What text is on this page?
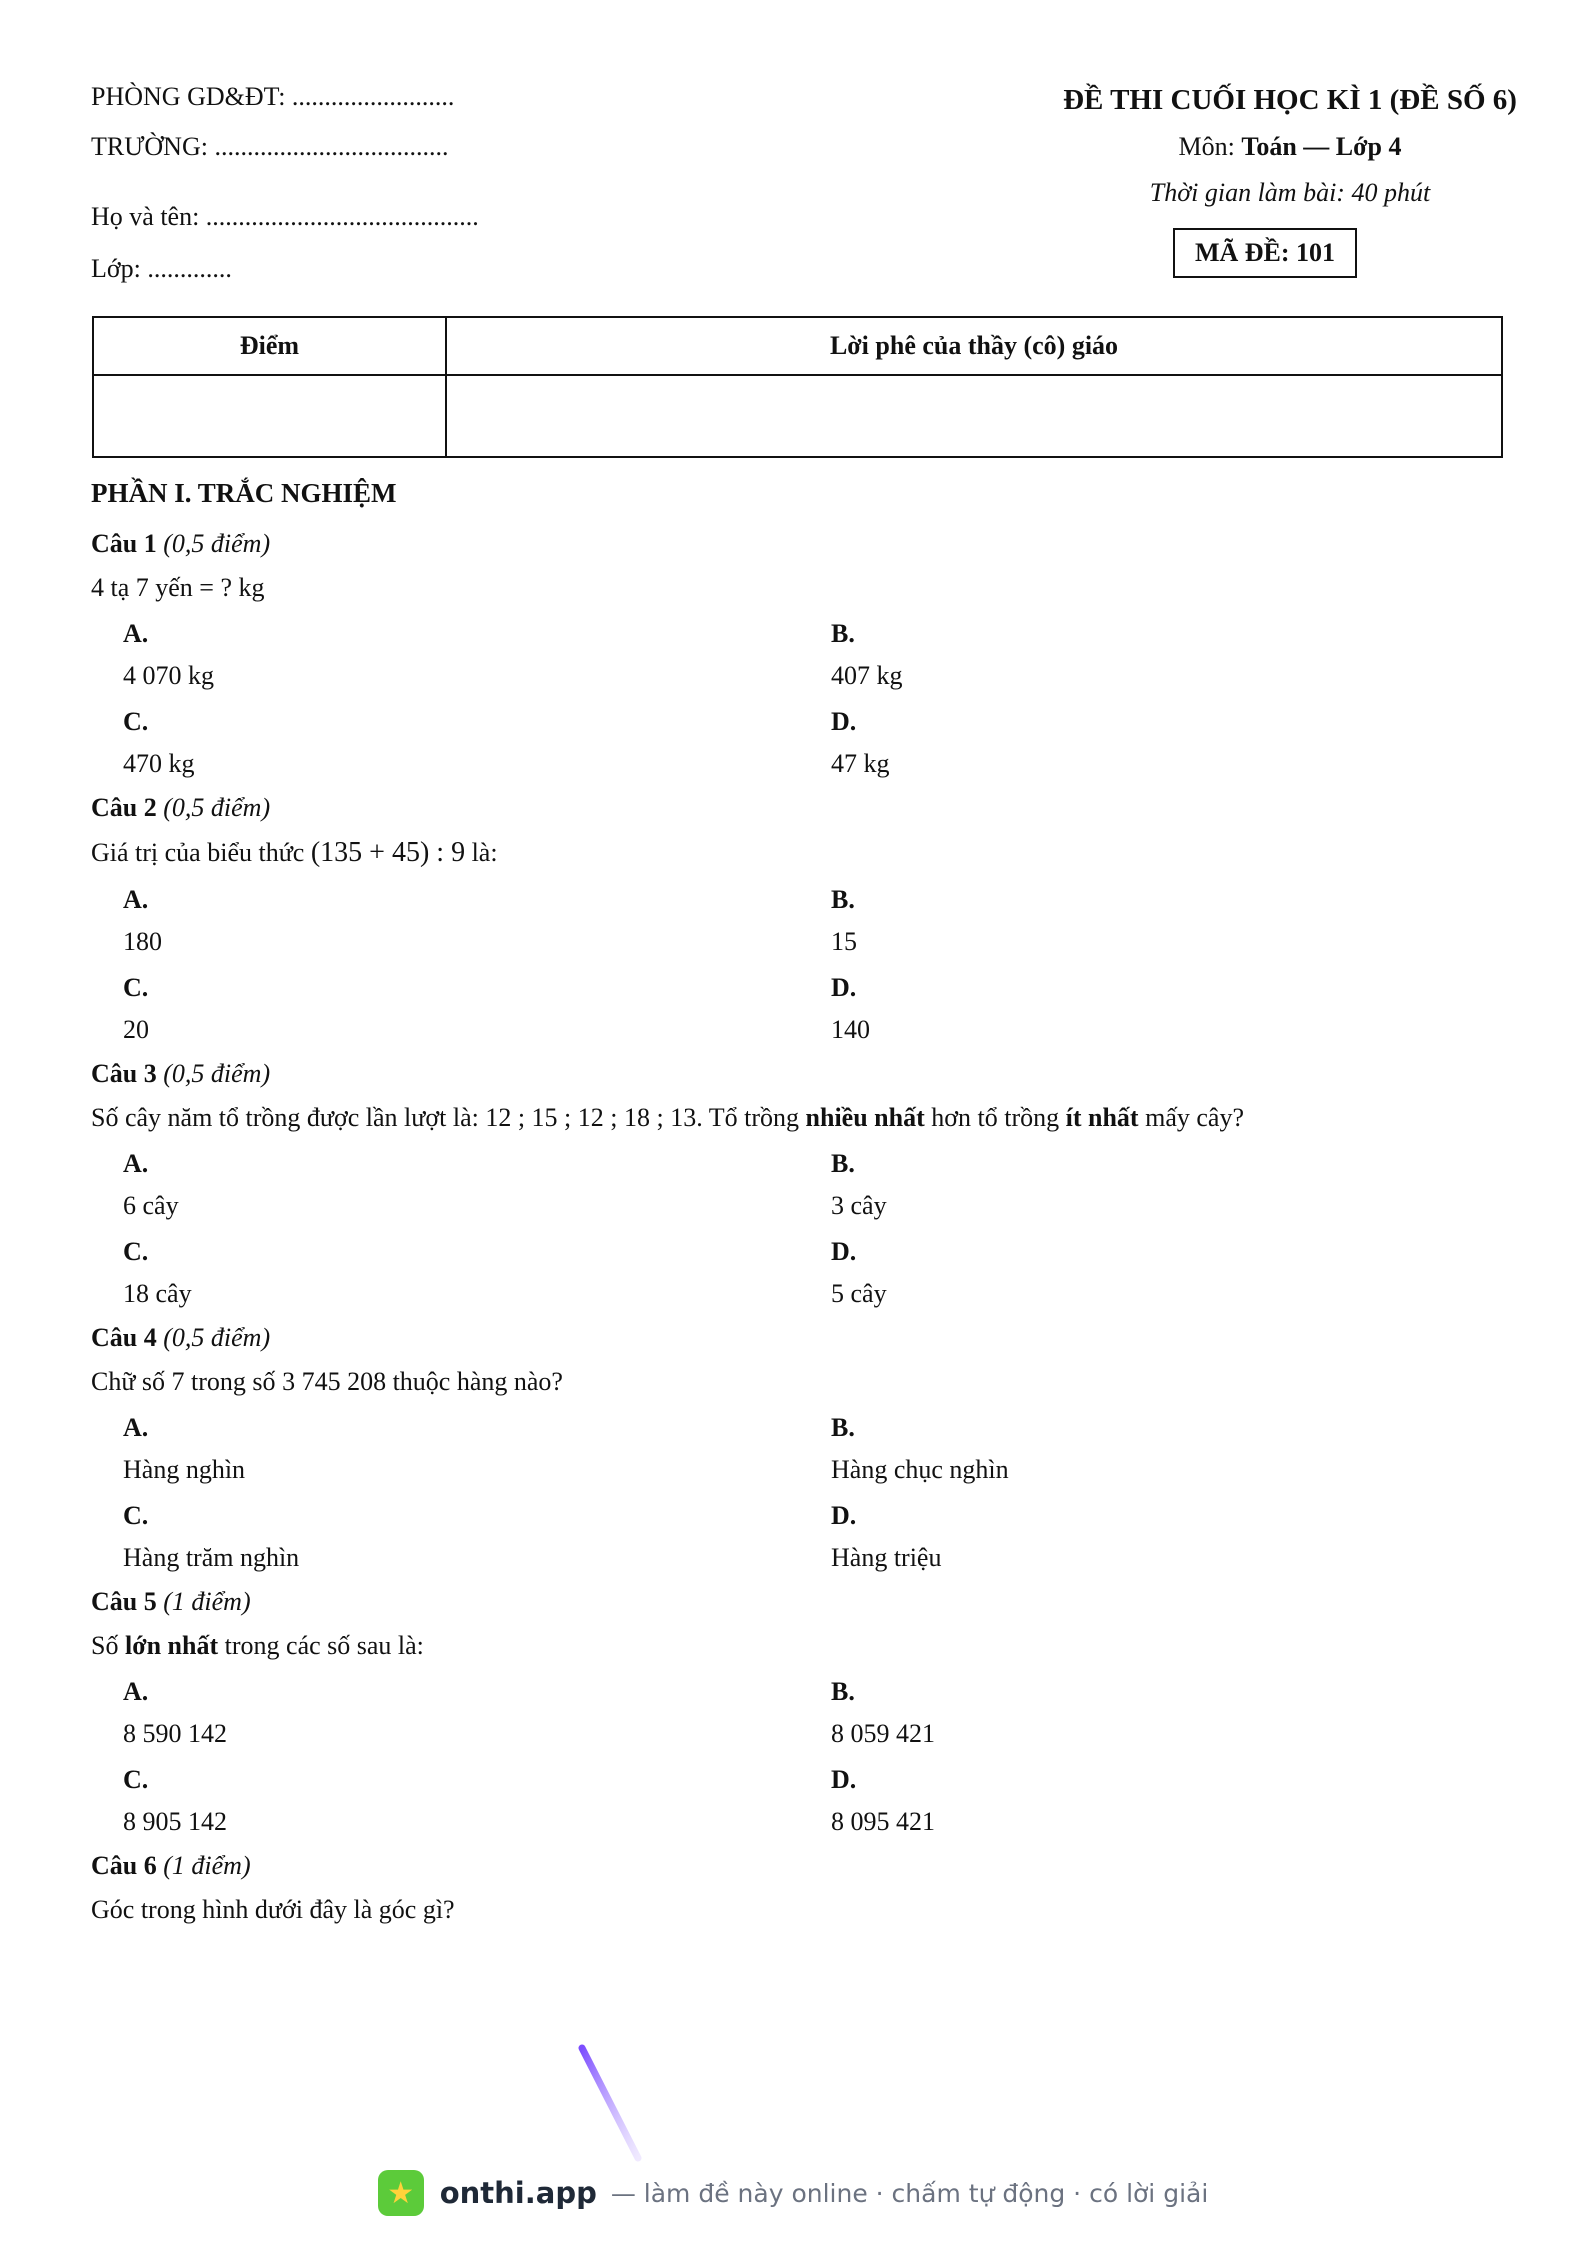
PHÒNG GD&ĐT: .........................
TRƯỜNG: ....................................
Họ và tên: ..........................................
Lớp: .............
ĐỀ THI CUỐI HỌC KÌ 1 (ĐỀ SỐ 6)
Môn: Toán — Lớp 4
Thời gian làm bài: 40 phút
MÃ ĐỀ: 101
Điểm	Lời phê của thầy (cô) giáo

PHẦN I. TRẮC NGHIỆM
Câu 1 (0,5 điểm)
4 tạ 7 yến = ? kg
A.
4 070 kg
B.
407 kg
C.
470 kg
D.
47 kg
Câu 2 (0,5 điểm)
Giá trị của biểu thức (135 + 45) : 9 là:
A.
180
B.
15
C.
20
D.
140
Câu 3 (0,5 điểm)
Số cây năm tổ trồng được lần lượt là: 12 ; 15 ; 12 ; 18 ; 13. Tổ trồng nhiều nhất hơn tổ trồng ít nhất mấy cây?
A.
6 cây
B.
3 cây
C.
18 cây
D.
5 cây
Câu 4 (0,5 điểm)
Chữ số 7 trong số 3 745 208 thuộc hàng nào?
A.
Hàng nghìn
B.
Hàng chục nghìn
C.
Hàng trăm nghìn
D.
Hàng triệu
Câu 5 (1 điểm)
Số lớn nhất trong các số sau là:
A.
8 590 142
B.
8 059 421
C.
8 905 142
D.
8 095 421
Câu 6 (1 điểm)
Góc trong hình dưới đây là góc gì?
★ onthi.app — làm đề này online · chấm tự động · có lời giải
